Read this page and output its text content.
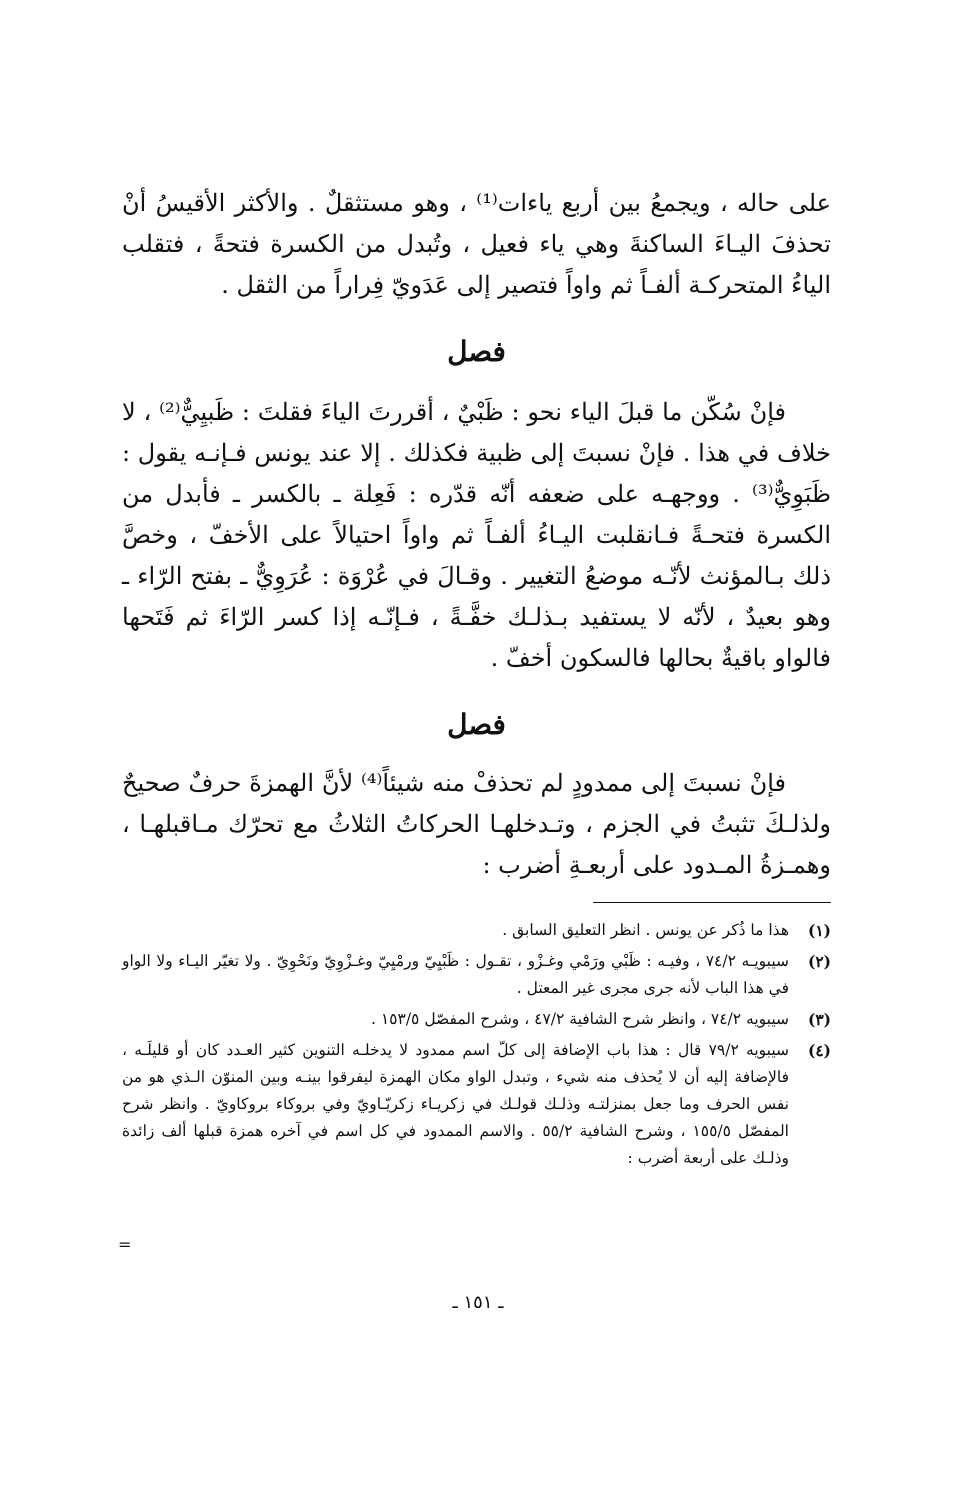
على حاله ، ويجمعُ بين أربع ياءات⁽¹⁾ ، وهو مستثقلٌ . والأكثر الأقيسُ أنْ تحذفَ اليـاءَ الساكنةَ وهي ياء فعيل ، وتُبدل من الكسرة فتحةً ، فتقلب الياءُ المتحركـة ألفـاً ثم واواً فتصير إلى عَدَويّ فِراراً من الثقل .

فصل

فإنْ سُكّن ما قبلَ الياء نحو : ظَبْيٌ ، أقررتَ الياءَ فقلتَ : ظَبيِيٌّ⁽²⁾ ، لا خلاف في هذا . فإنْ نسبتَ إلى ظبية فكذلك . إلا عند يونس فـإنـه يقول : ظَبَوِيٌّ⁽³⁾ . ووجهـه على ضعفه أنّه قدّره : فَعِلة ـ بالكسر ـ فأبدل من الكسرة فتحـةً فـانقلبت اليـاءُ ألفـاً ثم واواً احتيالاً على الأخفّ ، وخصَّ ذلك بـالمؤنث لأنّـه موضعُ التغيير . وقـالَ في عُرْوَة : عُرَوِيٌّ ـ بفتح الرّاء ـ وهو بعيدٌ ، لأنّه لا يستفيد بـذلـك خفَّـةً ، فـإنّـه إذا كسر الرّاءَ ثم فَتَحها فالواو باقيةٌ بحالها فالسكون أخفّ .

فصل

فإنْ نسبتَ إلى ممدودٍ لم تحذفْ منه شيئاً⁽⁴⁾ لأنَّ الهمزةَ حرفٌ صحيحٌ ولذلـكَ تثبتُ في الجزم ، وتـدخلهـا الحركاتُ الثلاثُ مع تحرّك مـاقبلهـا ، وهمـزةُ المـدود على أربعـةِ أضرب :

(١)
هذا ما ذُكر عن يونس . انظر التعليق السابق .
(٢)
سيبويـه ٧٤/٢ ، وفيـه : ظَبْي ورَمْي وغـزْو ، تقـول : ظَبْيِيّ ورمْيِيّ وغـزْوِيّ ونَحْوِيّ . ولا تغيّر اليـاء ولا الواو في هذا الباب لأنه جرى مجرى غير المعتل .
(٣)
سيبويه ٧٤/٢ ، وانظر شرح الشافية ٤٧/٢ ، وشرح المفصّل ١٥٣/٥ .
(٤)
سيبويه ٧٩/٢ قال : هذا باب الإضافة إلى كلّ اسم ممدود لا يدخلـه التنوين كثير العـدد كان أو قليلَـه ، فالإضافة إليه أن لا يُحذف منه شيء ، وتبدل الواو مكان الهمزة ليفرقوا بينـه وبين المنوّن الـذي هو من نفس الحرف وما جعل بمنزلتـه وذلـك قولـك في زكريـاء زكريّـاويّ وفي بروكاء بروكاويّ . وانظر شرح المفصّل ١٥٥/٥ ، وشرح الشافية ٥٥/٢ . والاسم الممدود في كل اسم في آخره همزة قبلها ألف زائدة وذلـك على أربعة أضرب :
=
ـ ١٥١ ـ
